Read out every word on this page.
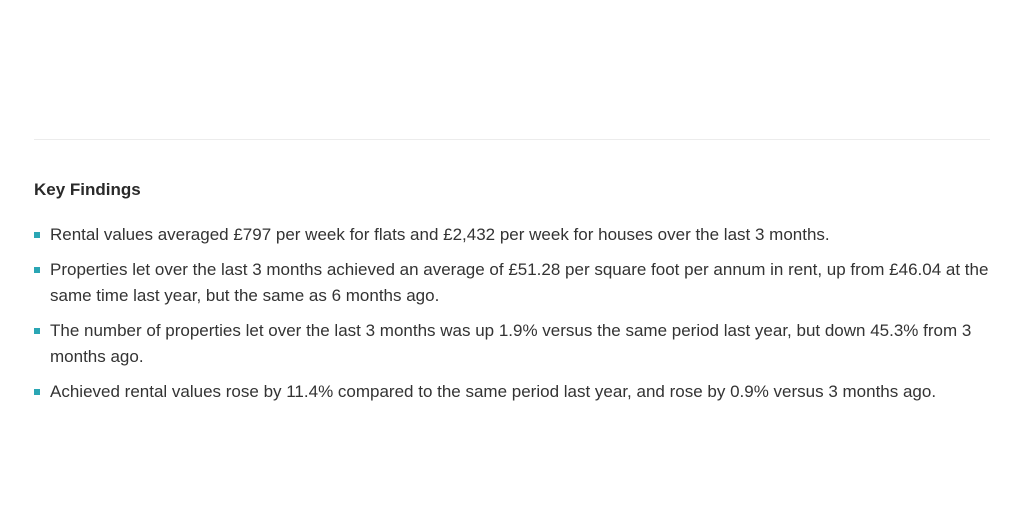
Key Findings
Rental values averaged £797 per week for flats and £2,432 per week for houses over the last 3 months.
Properties let over the last 3 months achieved an average of £51.28 per square foot per annum in rent, up from £46.04 at the same time last year, but the same as 6 months ago.
The number of properties let over the last 3 months was up 1.9% versus the same period last year, but down 45.3% from 3 months ago.
Achieved rental values rose by 11.4% compared to the same period last year, and rose by 0.9% versus 3 months ago.
